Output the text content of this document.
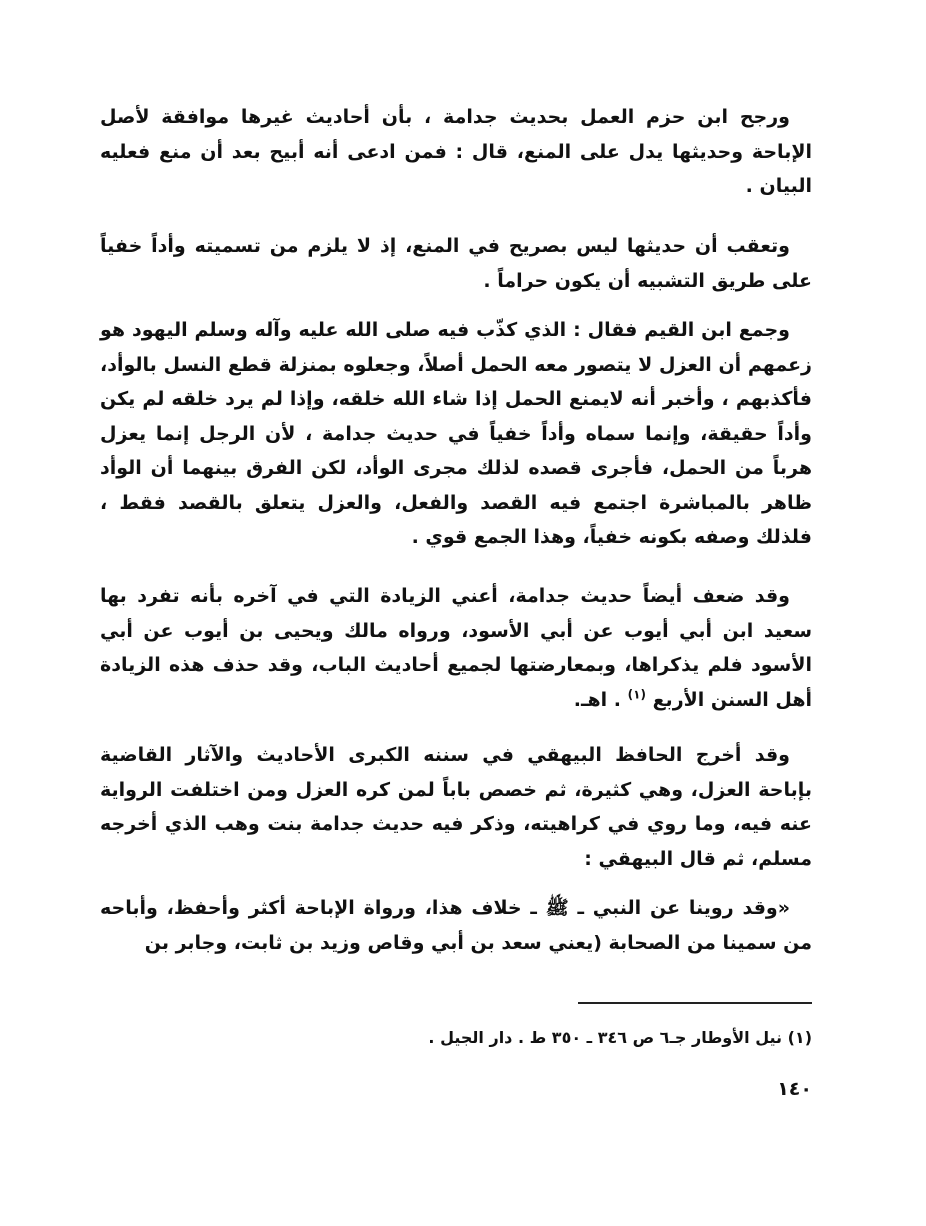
ورجح ابن حزم العمل بحديث جدامة ، بأن أحاديث غيرها موافقة لأصل الإباحة وحديثها يدل على المنع، قال : فمن ادعى أنه أبيح بعد أن منع فعليه البيان .

وتعقب أن حديثها ليس بصريح في المنع، إذ لا يلزم من تسميته وأداً خفياً على طريق التشبيه أن يكون حراماً .

وجمع ابن القيم فقال : الذي كذّب فيه صلى الله عليه وآله وسلم اليهود هو زعمهم أن العزل لا يتصور معه الحمل أصلاً، وجعلوه بمنزلة قطع النسل بالوأد، فأكذبهم ، وأخبر أنه لايمنع الحمل إذا شاء الله خلقه، وإذا لم يرد خلقه لم يكن وأداً حقيقة، وإنما سماه وأداً خفياً في حديث جدامة ، لأن الرجل إنما يعزل هرباً من الحمل، فأجرى قصده لذلك مجرى الوأد، لكن الفرق بينهما أن الوأد ظاهر بالمباشرة اجتمع فيه القصد والفعل، والعزل يتعلق بالقصد فقط ، فلذلك وصفه بكونه خفياً، وهذا الجمع قوي .

وقد ضعف أيضاً حديث جدامة، أعني الزيادة التي في آخره بأنه تفرد بها سعيد ابن أبي أيوب عن أبي الأسود، ورواه مالك ويحيى بن أيوب عن أبي الأسود فلم يذكراها، وبمعارضتها لجميع أحاديث الباب، وقد حذف هذه الزيادة أهل السنن الأربع $^{(١)}$ . اهـ.

وقد أخرج الحافظ البيهقي في سننه الكبرى الأحاديث والآثار القاضية بإباحة العزل، وهي كثيرة، ثم خصص باباً لمن كره العزل ومن اختلفت الرواية عنه فيه، وما روي في كراهيته، وذكر فيه حديث جدامة بنت وهب الذي أخرجه مسلم، ثم قال البيهقي :

«وقد روينا عن النبي ـ ﷺ ـ خلاف هذا، ورواة الإباحة أكثر وأحفظ، وأباحه من سمينا من الصحابة (يعني سعد بن أبي وقاص وزيد بن ثابت، وجابر بن

(١) نيل الأوطار جـ٦ ص ٣٤٦ ـ ٣٥٠ ط . دار الجيل .
١٤٠
